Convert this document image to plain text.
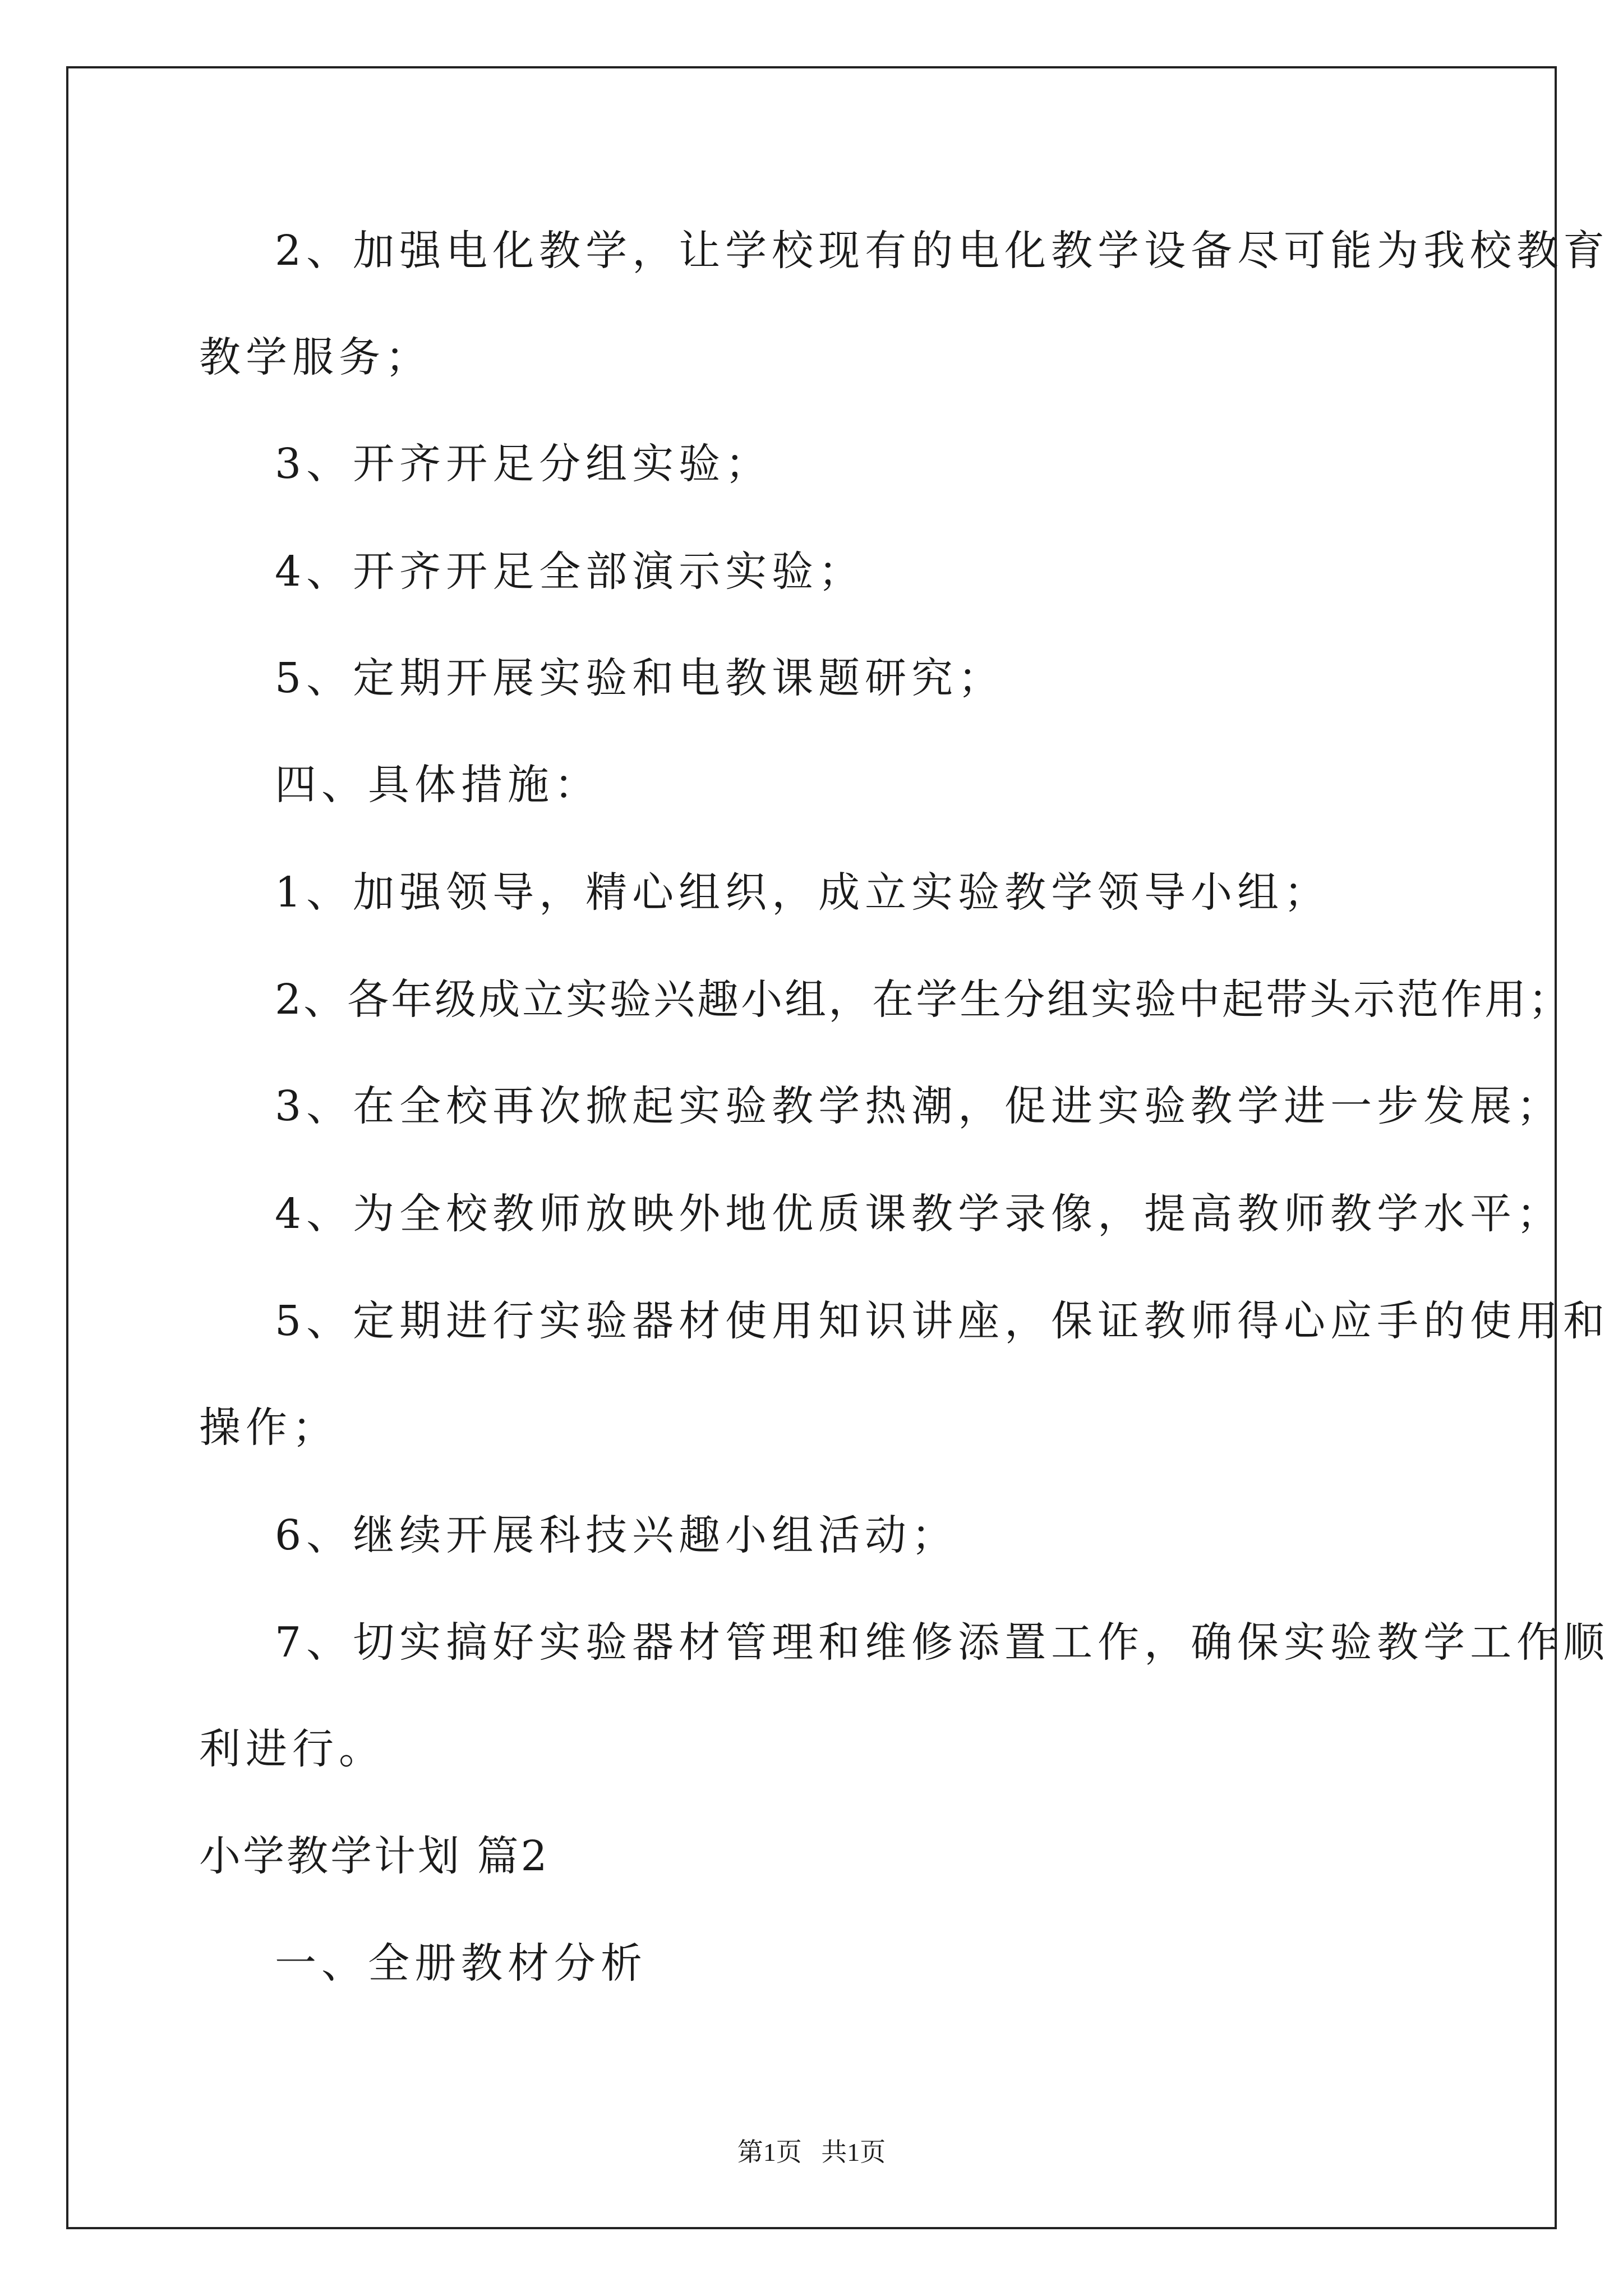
2、加强电化教学，让学校现有的电化教学设备尽可能为我校教育

教学服务；

3、开齐开足分组实验；

4、开齐开足全部演示实验；

5、定期开展实验和电教课题研究；

四、具体措施：

1、加强领导，精心组织，成立实验教学领导小组；

2、各年级成立实验兴趣小组，在学生分组实验中起带头示范作用；

3、在全校再次掀起实验教学热潮，促进实验教学进一步发展；

4、为全校教师放映外地优质课教学录像，提高教师教学水平；

5、定期进行实验器材使用知识讲座，保证教师得心应手的使用和

操作；

6、继续开展科技兴趣小组活动；

7、切实搞好实验器材管理和维修添置工作，确保实验教学工作顺

利进行。

小学教学计划 篇2

一、全册教材分析

第1页   共1页
